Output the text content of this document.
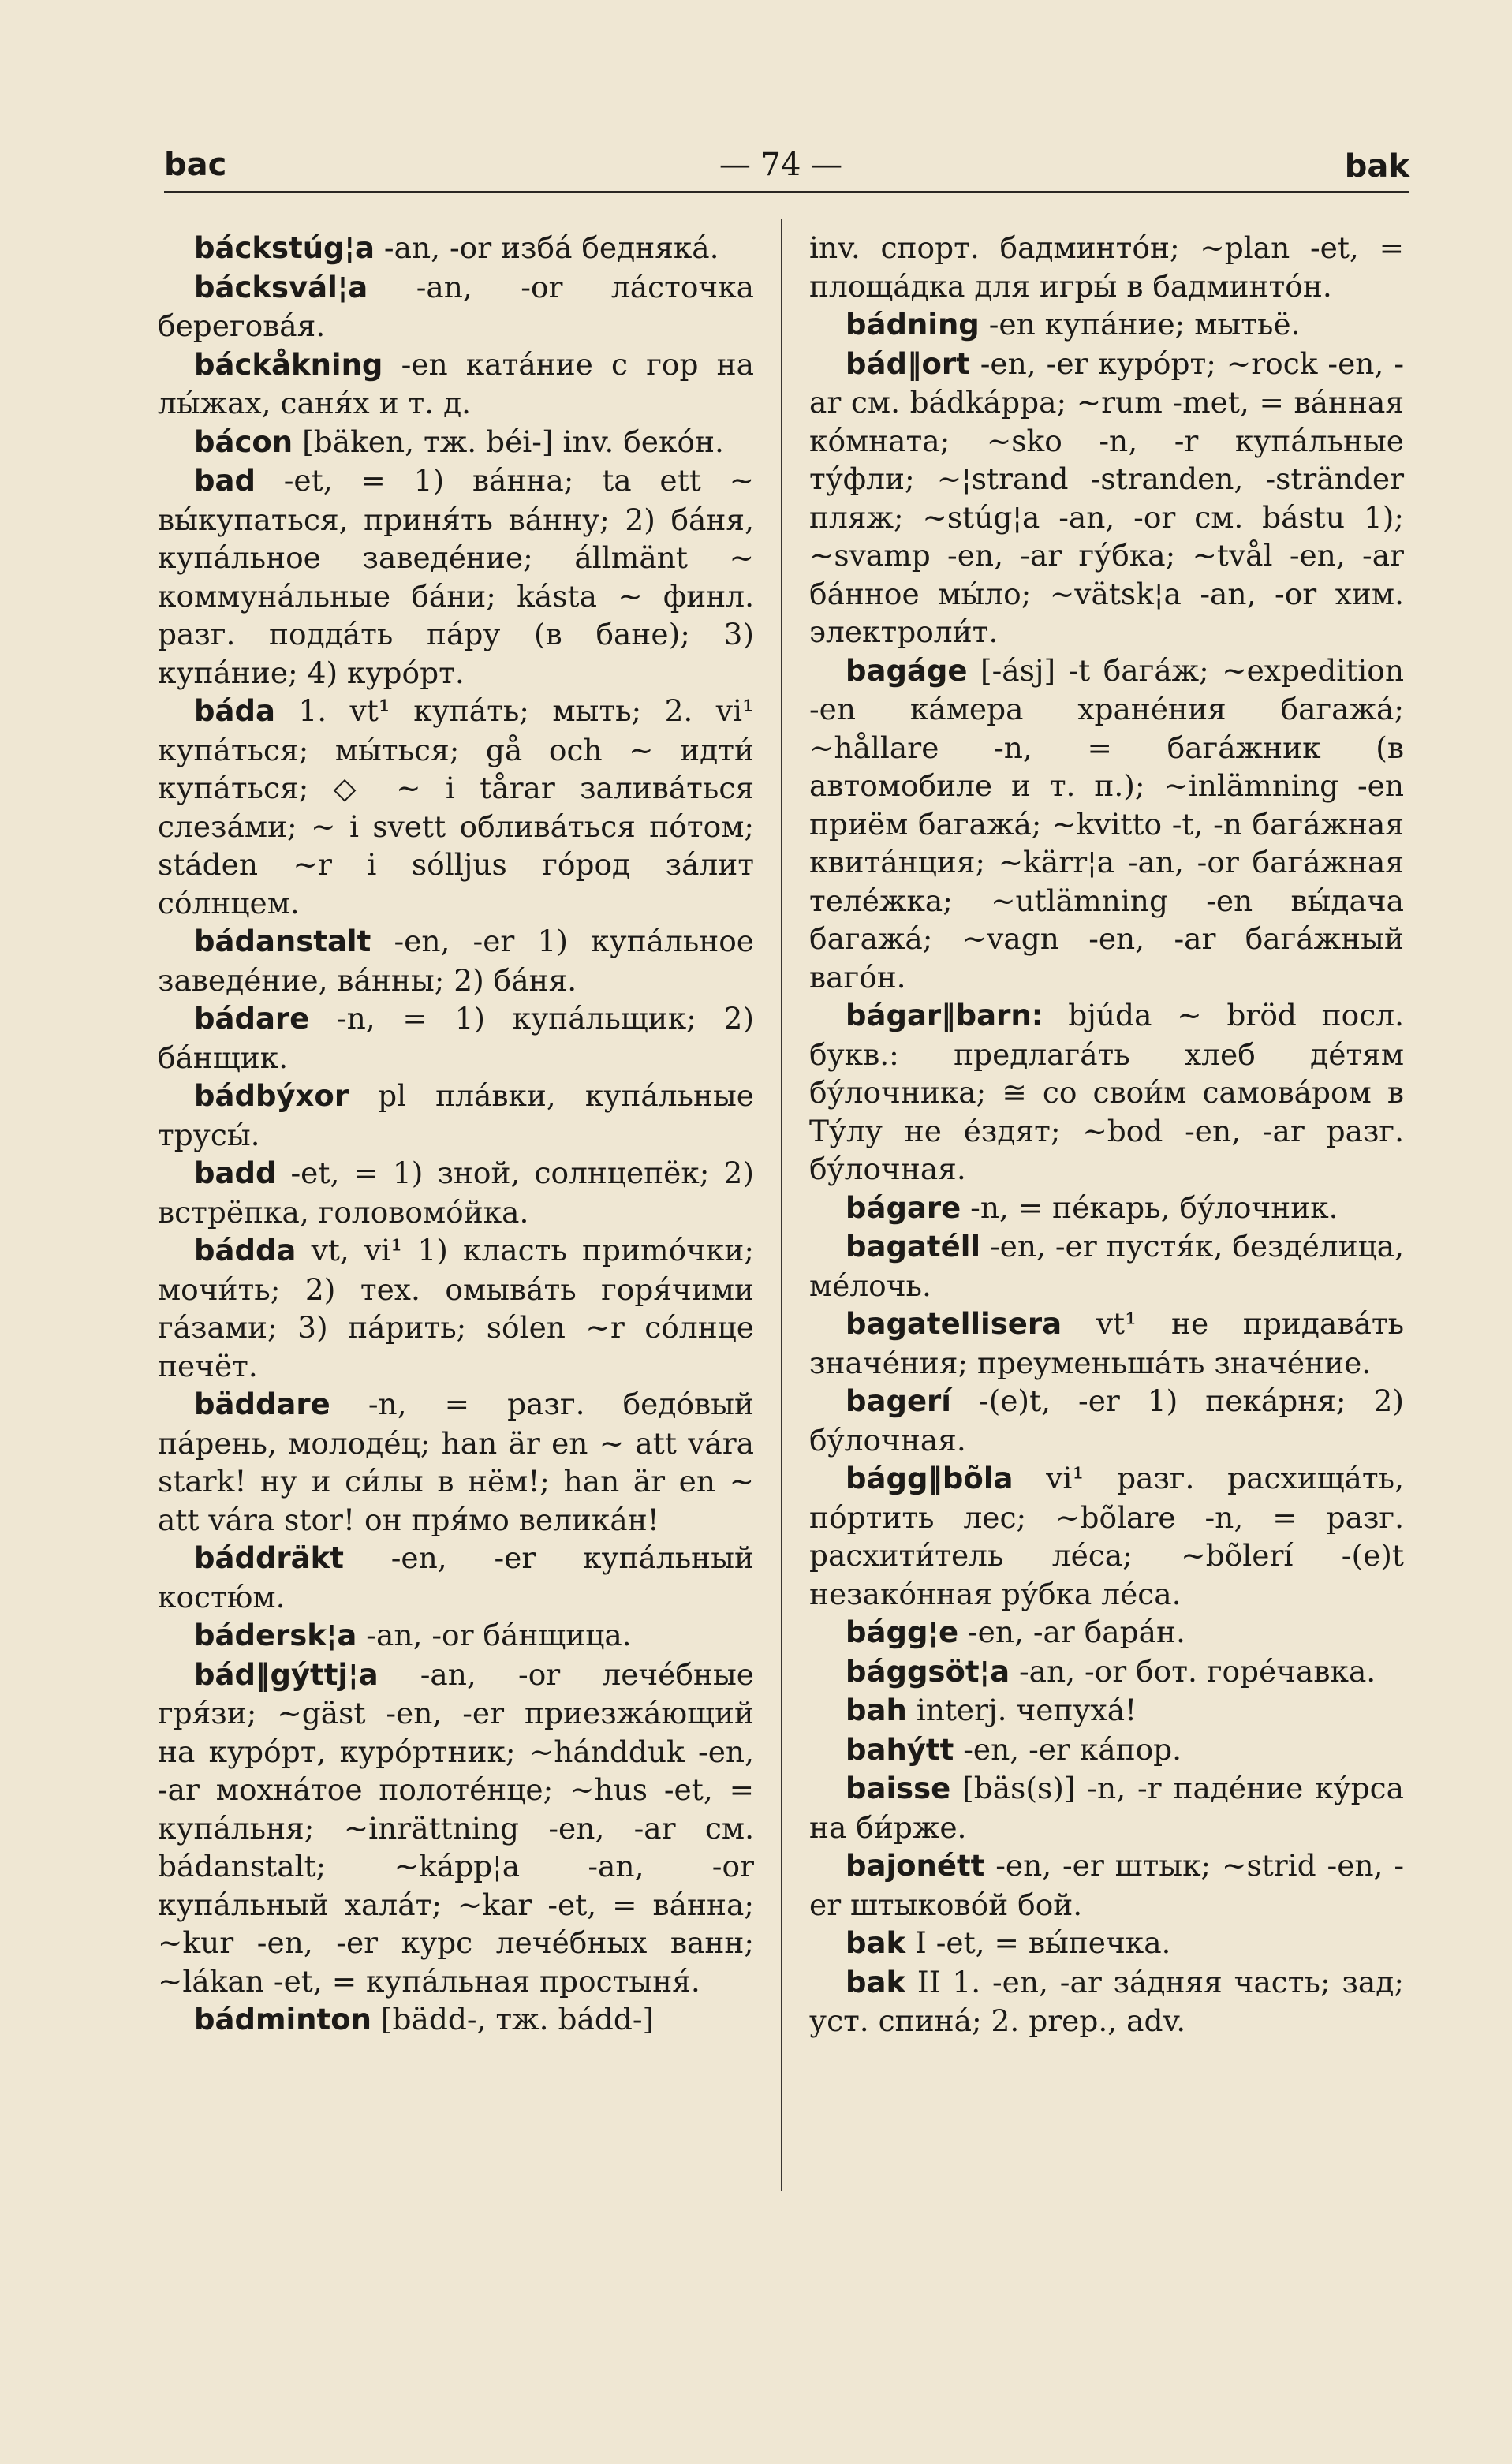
bac	— 74 —	bak

báckstúg¦a -an, -or изба́ бедняка́.

bácksvál¦a -an, -or ла́сточка берегова́я.

báckåkning -en ката́ние с гор на лы́жах, саня́х и т. д.

bácon [bäken, тж. béi-] inv. беко́н.

bad -et, = 1) ва́нна; ta ett ~ вы́купаться, приня́ть ва́нну; 2) ба́ня, купа́льное заведе́ние; állmänt ~ коммуна́льные ба́ни; kásta ~ финл. разг. подда́ть па́ру (в бане); 3) купа́ние; 4) куро́рт.

báda 1. vt¹ купа́ть; мыть; 2. vi¹ купа́ться; мы́ться; gå och ~ идти́ купа́ться; ◇ ~ i tårar залива́ться слеза́ми; ~ i svett облива́ться по́том; stáden ~r i sólljus го́род за́лит со́лнцем.

bádanstalt -en, -er 1) купа́льное заведе́ние, ва́нны; 2) ба́ня.

bádare -n, = 1) купа́льщик; 2) ба́нщик.

bádbýxor pl пла́вки, купа́льные трусы́.

badd -et, = 1) зной, солнцепёк; 2) встрёпка, головомо́йка.

bádda vt, vi¹ 1) класть приmо́чки; мочи́ть; 2) тех. омыва́ть горя́чими га́зами; 3) па́рить; sólen ~r со́лнце печёт.

bäddare -n, = разг. бедо́вый па́рень, молоде́ц; han är en ~ att vára stark! ну и си́лы в нём!; han är en ~ att vára stor! он пря́мо велика́н!

báddräkt -en, -er купа́льный костю́м.

bádersk¦a -an, -or ба́нщица.

bád‖gýttj¦a -an, -or лече́бные гря́зи; ~gäst -en, -er приезжа́ющий на куро́рт, куро́ртник; ~hándduk -en, -ar мохна́тое полоте́нце; ~hus -et, = купа́льня; ~inrättning -en, -ar см. bádanstalt; ~kápp¦a -an, -or купа́льный хала́т; ~kar -et, = ва́нна; ~kur -en, -er курс лече́бных ванн; ~lákan -et, = купа́льная простыня́.

bádminton [bädd-, тж. bádd-]

inv. спорт. бадминто́н; ~plan -et, = площа́дка для игры́ в бадминто́н.

bádning -en купа́ние; мытьё.

bád‖ort -en, -er куро́рт; ~rock -en, -ar см. bádkáppa; ~rum -met, = ва́нная ко́мната; ~sko -n, -r купа́льные ту́фли; ~¦strand -stranden, -stränder пляж; ~stúg¦a -an, -or см. bástu 1); ~svamp -en, -ar гу́бка; ~tvål -en, -ar ба́нное мы́ло; ~vätsk¦a -an, -or хим. электроли́т.

bagáge [-ásj] -t бага́ж; ~expedition -en ка́мера хране́ния багажа́; ~hållare -n, = бага́жник (в автомобиле и т. п.); ~inlämning -en приём багажа́; ~kvitto -t, -n бага́жная квита́нция; ~kärr¦a -an, -or бага́жная теле́жка; ~utlämning -en вы́дача багажа́; ~vagn -en, -ar бага́жный ваго́н.

bágar‖barn: bjúda ~ bröd посл. букв.: предлага́ть хлеб де́тям бу́лочника; ≅ со свои́м самова́ром в Ту́лу не е́здят; ~bod -en, -ar разг. бу́лочная.

bágare -n, = пе́карь, бу́лочник.

bagatéll -en, -er пустя́к, безде́лица, ме́лочь.

bagatellisera vt¹ не придава́ть значе́ния; преуменьша́ть значе́ние.

bagerí -(e)t, -er 1) пека́рня; 2) бу́лочная.

bágg‖bõla vi¹ разг. расхища́ть, по́ртить лес; ~bõlare -n, = разг. расхити́тель ле́са; ~bõlerí -(e)t незако́нная ру́бка ле́са.

bágg¦e -en, -ar бара́н.

bággsöt¦a -an, -or бот. горе́чавка.

bah interj. чепуха́!

bahýtt -en, -er ка́пор.

baisse [bäs(s)] -n, -r паде́ние ку́рса на би́рже.

bajonétt -en, -er штык; ~strid -en, -er штыково́й бой.

bak I -et, = вы́печка.

bak II 1. -en, -ar за́дняя часть; зад; уст. спина́; 2. prep., adv.
